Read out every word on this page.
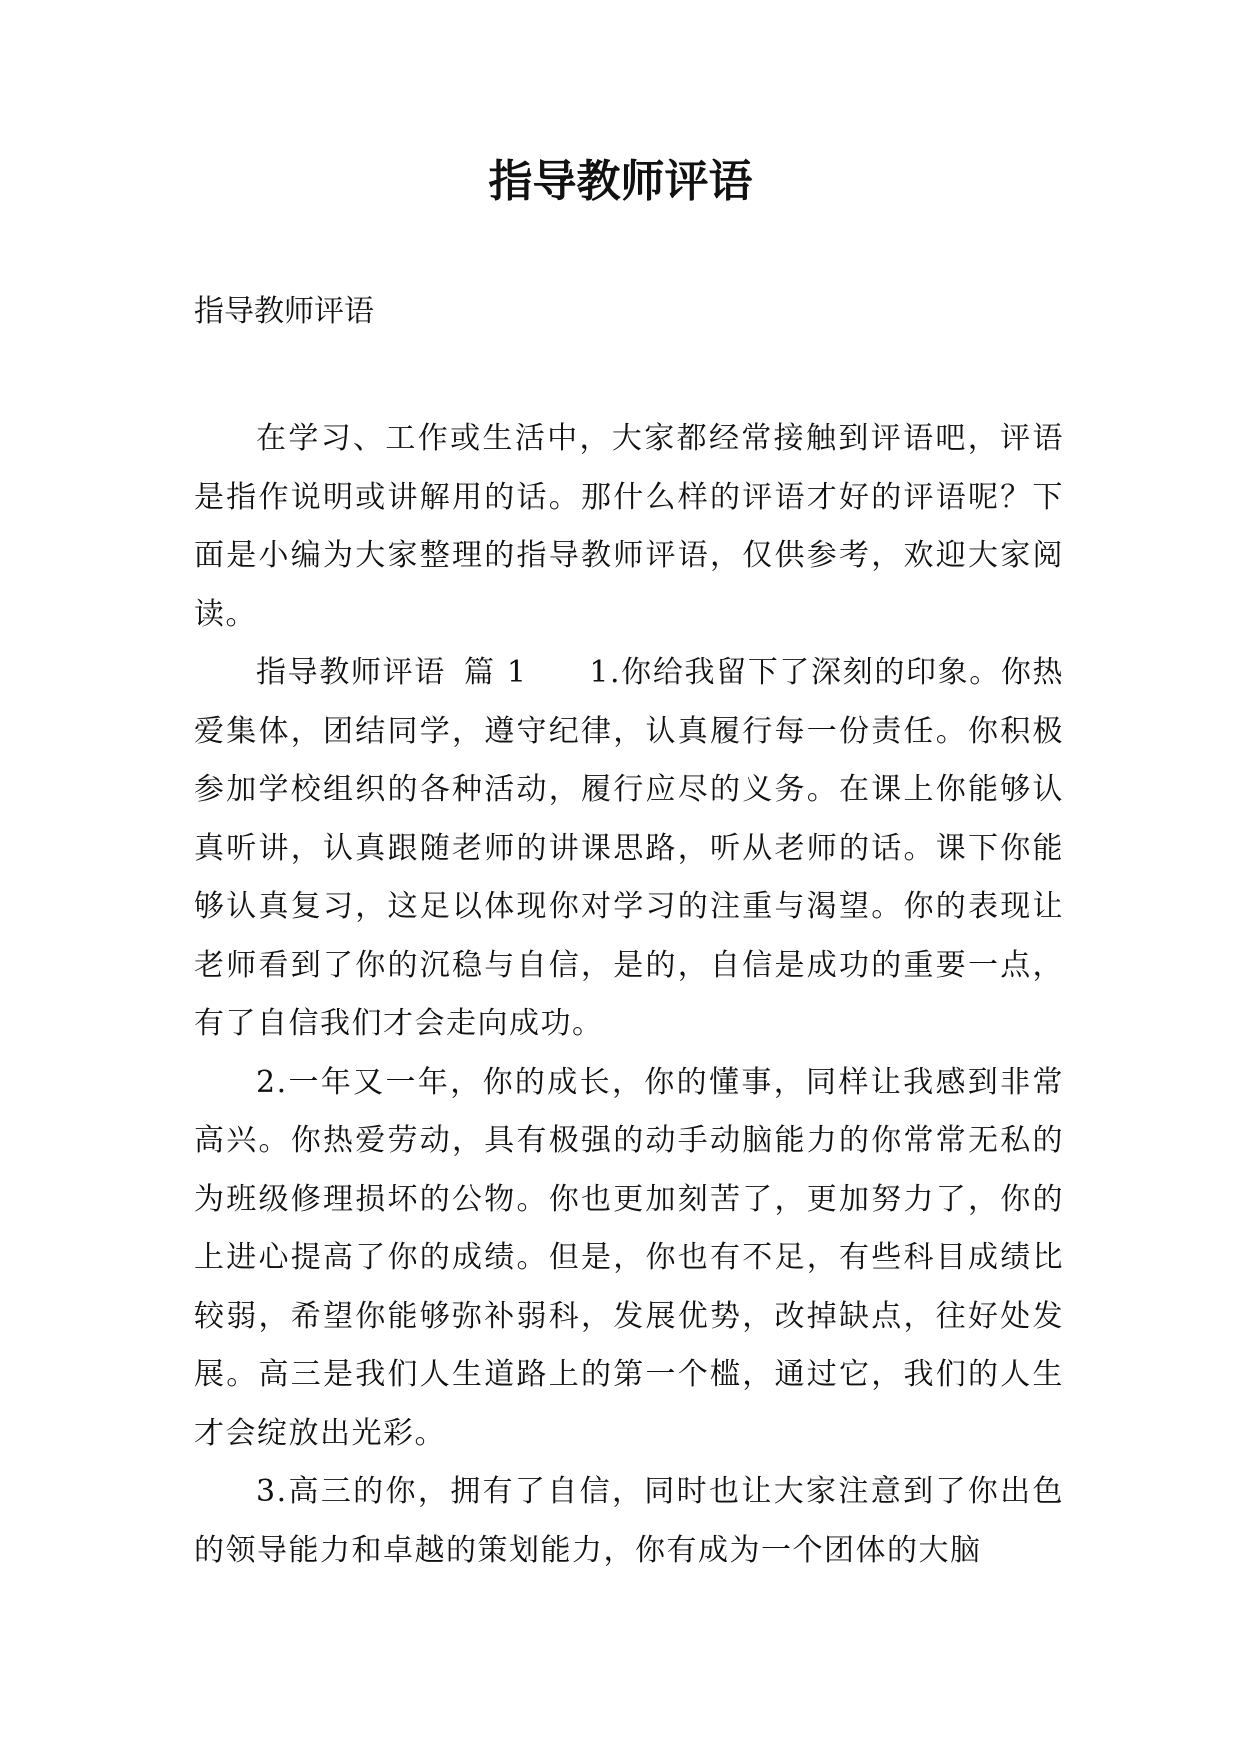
指导教师评语

指导教师评语

在学习、工作或生活中，大家都经常接触到评语吧，评语是指作说明或讲解用的话。那什么样的评语才好的评语呢？下面是小编为大家整理的指导教师评语，仅供参考，欢迎大家阅读。

指导教师评语 篇 1 1.你给我留下了深刻的印象。你热爱集体，团结同学，遵守纪律，认真履行每一份责任。你积极参加学校组织的各种活动，履行应尽的义务。在课上你能够认真听讲，认真跟随老师的讲课思路，听从老师的话。课下你能够认真复习，这足以体现你对学习的注重与渴望。你的表现让老师看到了你的沉稳与自信，是的，自信是成功的重要一点，有了自信我们才会走向成功。

2.一年又一年，你的成长，你的懂事，同样让我感到非常高兴。你热爱劳动，具有极强的动手动脑能力的你常常无私的为班级修理损坏的公物。你也更加刻苦了，更加努力了，你的上进心提高了你的成绩。但是，你也有不足，有些科目成绩比较弱，希望你能够弥补弱科，发展优势，改掉缺点，往好处发展。高三是我们人生道路上的第一个槛，通过它，我们的人生才会绽放出光彩。

3.高三的你，拥有了自信，同时也让大家注意到了你出色的领导能力和卓越的策划能力，你有成为一个团体的大脑
